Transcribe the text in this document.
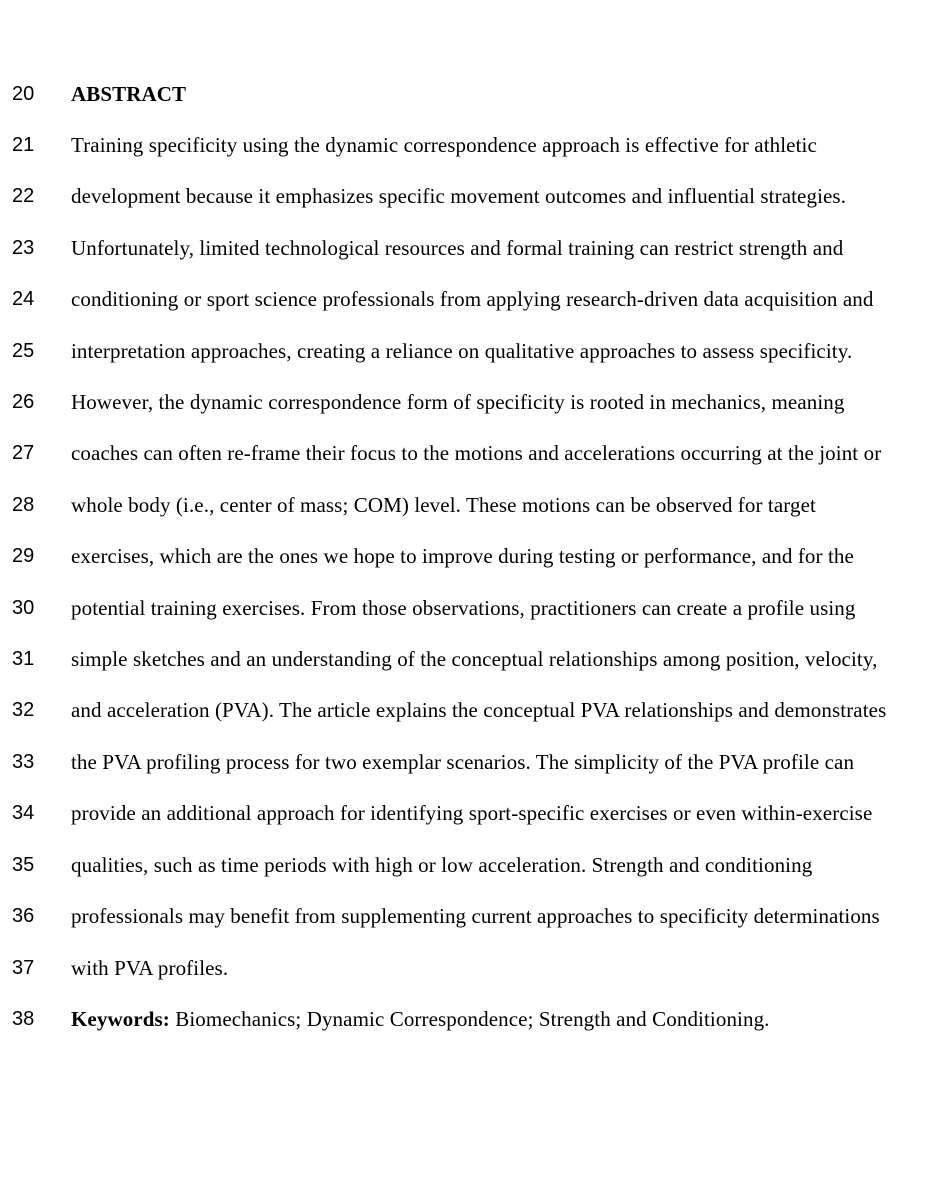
20 ABSTRACT
21 Training specificity using the dynamic correspondence approach is effective for athletic
22 development because it emphasizes specific movement outcomes and influential strategies.
23 Unfortunately, limited technological resources and formal training can restrict strength and
24 conditioning or sport science professionals from applying research-driven data acquisition and
25 interpretation approaches, creating a reliance on qualitative approaches to assess specificity.
26 However, the dynamic correspondence form of specificity is rooted in mechanics, meaning
27 coaches can often re-frame their focus to the motions and accelerations occurring at the joint or
28 whole body (i.e., center of mass; COM) level. These motions can be observed for target
29 exercises, which are the ones we hope to improve during testing or performance, and for the
30 potential training exercises. From those observations, practitioners can create a profile using
31 simple sketches and an understanding of the conceptual relationships among position, velocity,
32 and acceleration (PVA). The article explains the conceptual PVA relationships and demonstrates
33 the PVA profiling process for two exemplar scenarios. The simplicity of the PVA profile can
34 provide an additional approach for identifying sport-specific exercises or even within-exercise
35 qualities, such as time periods with high or low acceleration. Strength and conditioning
36 professionals may benefit from supplementing current approaches to specificity determinations
37 with PVA profiles.
38 Keywords: Biomechanics; Dynamic Correspondence; Strength and Conditioning.
